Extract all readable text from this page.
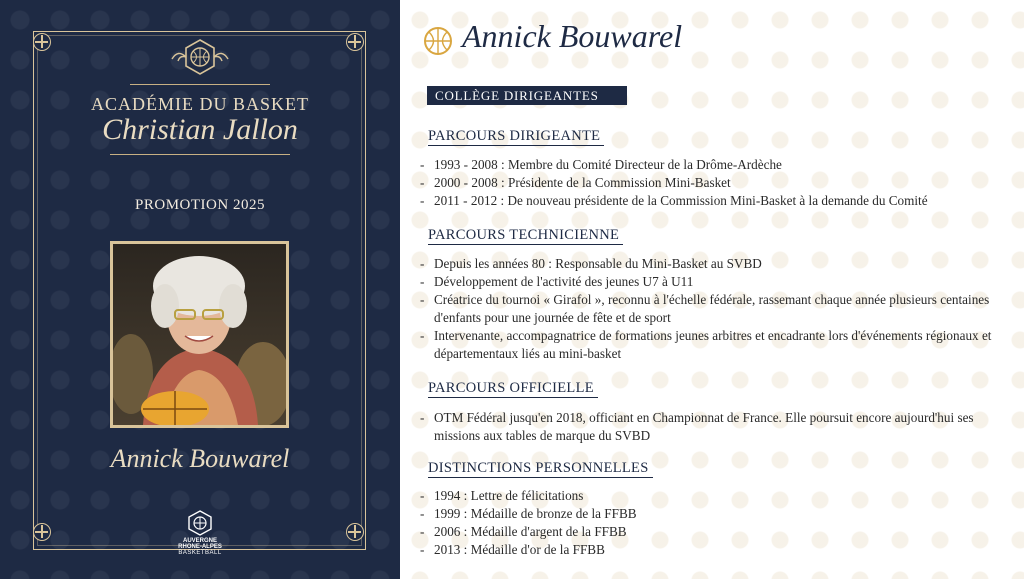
ACADÉMIE DU BASKET
Christian Jallon
PROMOTION 2025
Annick Bouwarel
AUVERGNE
RHONE-ALPES
BASKETBALL
Annick Bouwarel
COLLÈGE DIRIGEANTES
PARCOURS DIRIGEANTE
- 1993 - 2008 : Membre du Comité Directeur de la Drôme-Ardèche
- 2000 - 2008 : Présidente de la Commission Mini-Basket
- 2011 - 2012 : De nouveau présidente de la Commission Mini-Basket à la demande du Comité
PARCOURS TECHNICIENNE
- Depuis les années 80 : Responsable du Mini-Basket au SVBD
- Développement de l'activité des jeunes U7 à U11
- Créatrice du tournoi « Girafol », reconnu à l'échelle fédérale, rassemant chaque année plusieurs centaines d'enfants pour une journée de fête et de sport
- Intervenante, accompagnatrice de formations jeunes arbitres et encadrante lors d'événements régionaux et départementaux liés au mini-basket
PARCOURS OFFICIELLE
- OTM Fédéral jusqu'en 2018, officiant en Championnat de France. Elle poursuit encore aujourd'hui ses missions aux tables de marque du SVBD
DISTINCTIONS PERSONNELLES
- 1994 : Lettre de félicitations
- 1999 : Médaille de bronze de la FFBB
- 2006 : Médaille d'argent de la FFBB
- 2013 : Médaille d'or de la FFBB
